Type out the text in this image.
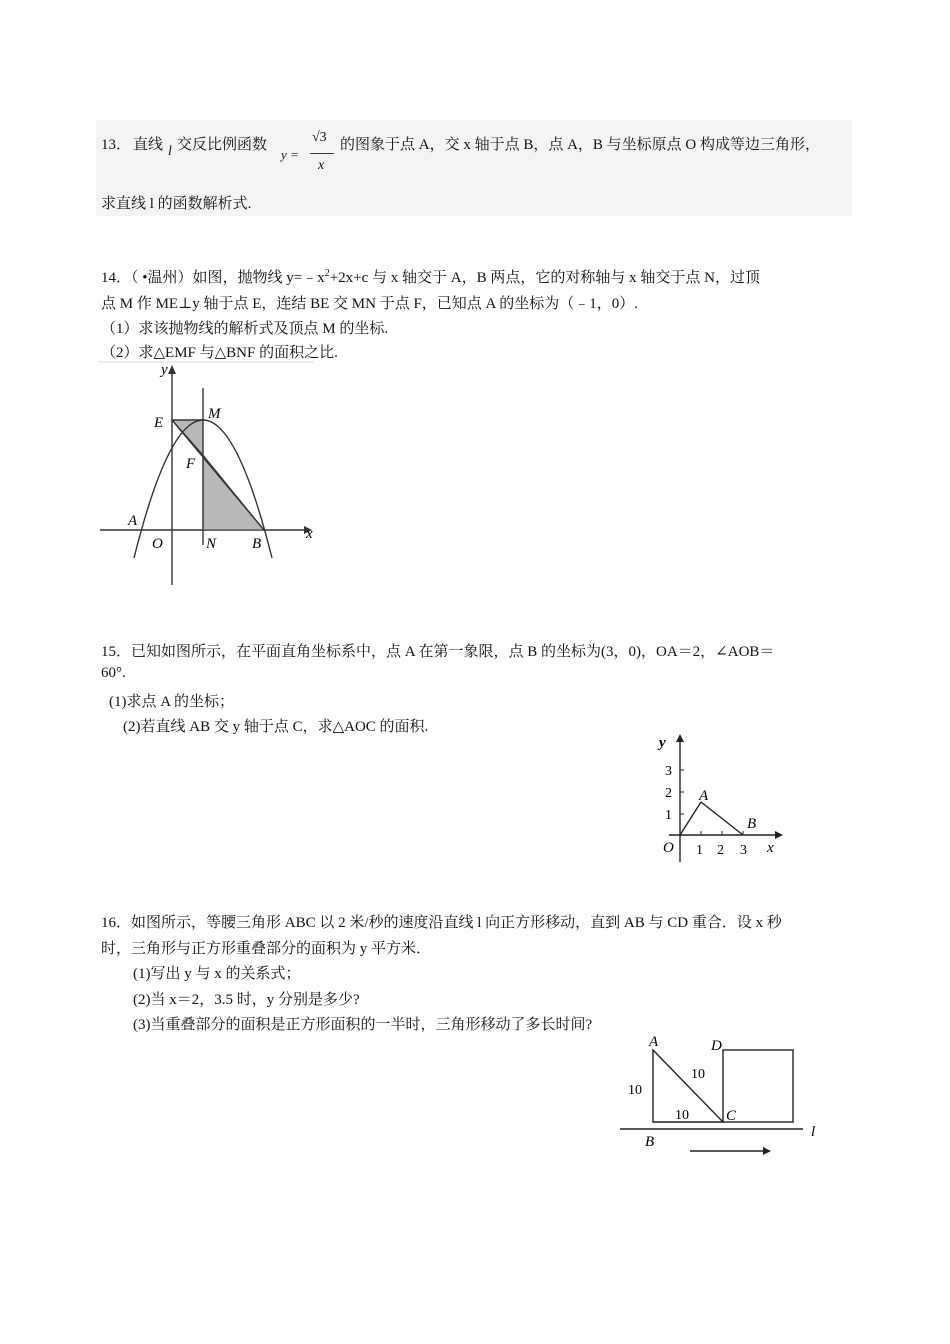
13． 直线 l 交反比例函数
y =
√3
x
的图象于点 A，交 x 轴于点 B，点 A，B 与坐标原点 O 构成等边三角形，
求直线 l 的函数解析式.
14．（ •温州）如图，抛物线 $y=﹣x^2+2x+c$ 与 x 轴交于 A，B 两点，它的对称轴与 x 轴交于点 N，过顶
点 M 作 ME⊥y 轴于点 E，连结 BE 交 MN 于点 F，已知点 A 的坐标为（﹣1，0）.
（1）求该抛物线的解析式及顶点 M 的坐标.
（2）求△EMF 与△BNF 的面积之比.
y
x
E
M
F
A
O	N B
15．已知如图所示，在平面直角坐标系中，点 A 在第一象限，点 B 的坐标为(3，0)，OA＝2，∠AOB＝
60°.
(1)求点 A 的坐标；
(2)若直线 AB 交 y 轴于点 C，求△AOC 的面积.
y
3
2
1
1 2 3
A
B
O	x
16．如图所示，等腰三角形 ABC 以 2 米/秒的速度沿直线 l 向正方形移动，直到 AB 与 CD 重合．设 x 秒
时，三角形与正方形重叠部分的面积为 y 平方米．
(1)写出 y 与 x 的关系式；
(2)当 x＝2，3.5 时，y 分别是多少?
(3)当重叠部分的面积是正方形面积的一半时，三角形移动了多长时间?
A	D
C
B
l
10
10
10
